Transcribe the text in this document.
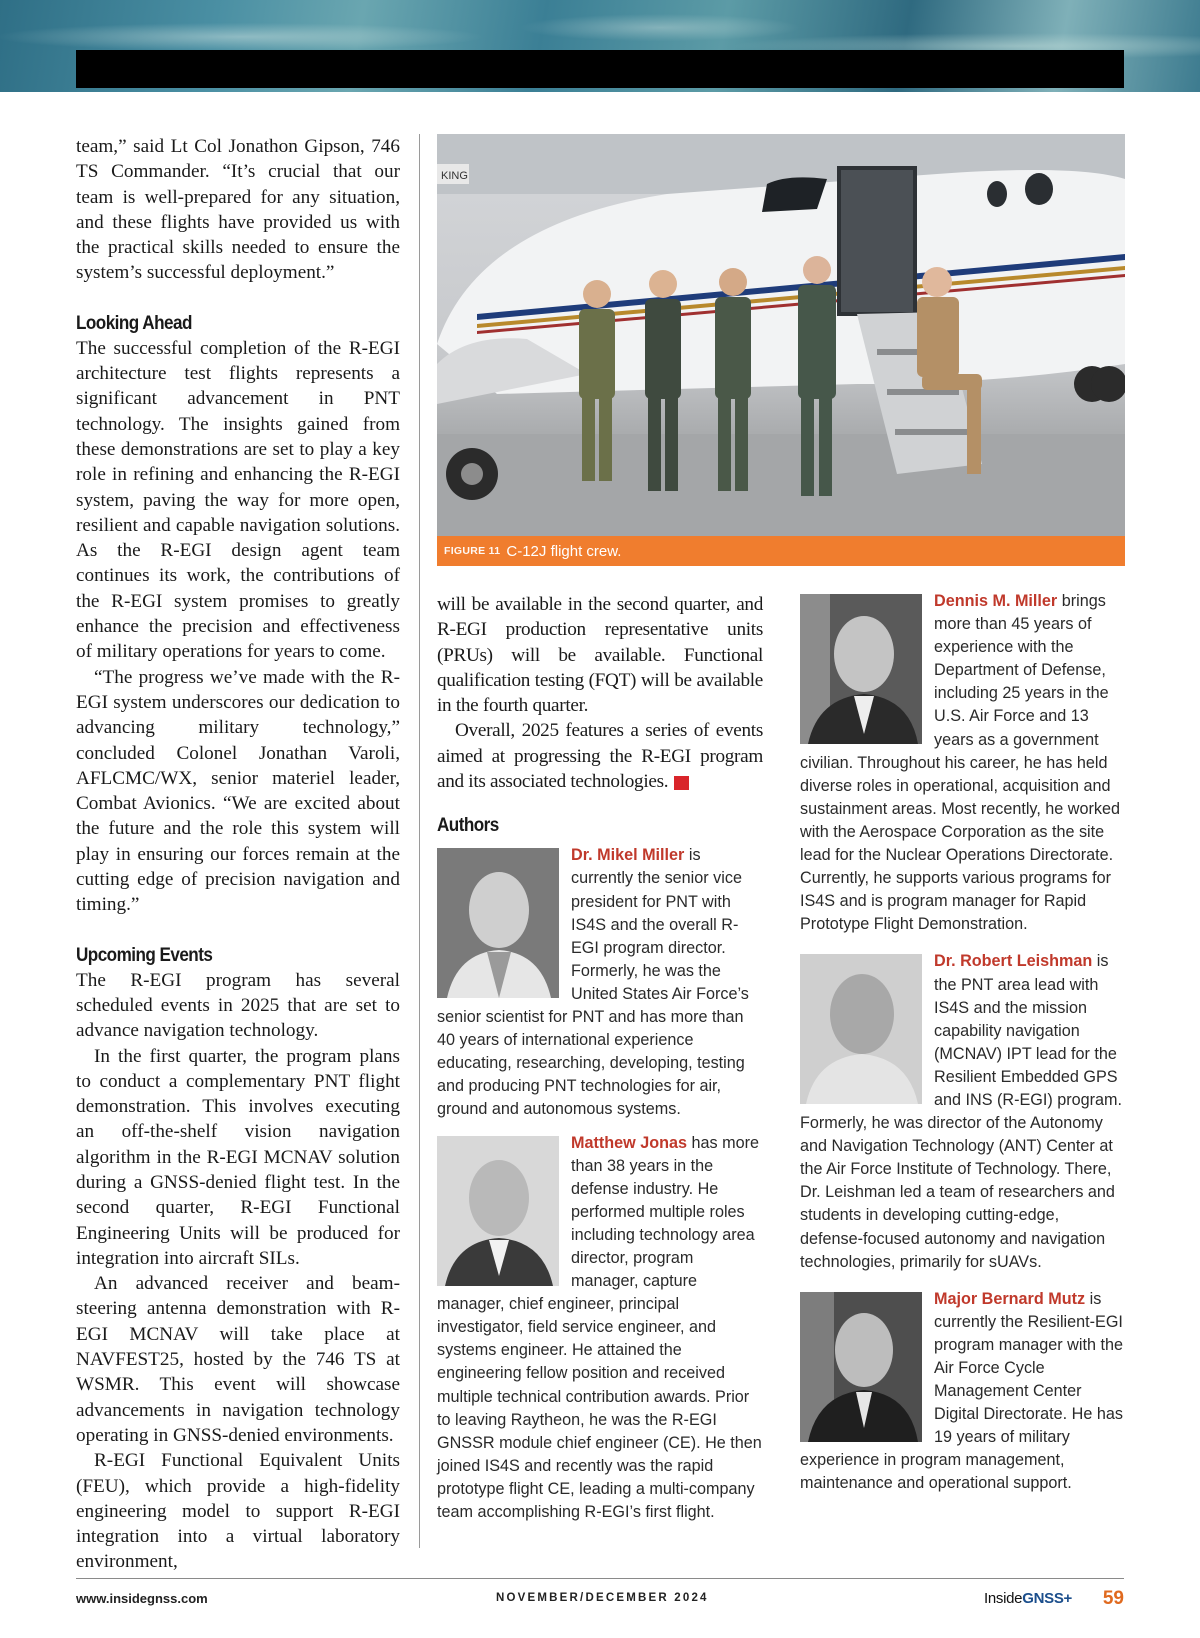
team,” said Lt Col Jonathon Gipson, 746 TS Commander. “It’s crucial that our team is well-prepared for any situation, and these flights have provided us with the practical skills needed to ensure the system’s successful deployment.”

Looking Ahead

The successful completion of the R-EGI architecture test flights represents a significant advancement in PNT technology. The insights gained from these demonstrations are set to play a key role in refining and enhancing the R-EGI system, paving the way for more open, resilient and capable navigation solutions. As the R-EGI design agent team continues its work, the contributions of the R-EGI system promises to greatly enhance the precision and effectiveness of military operations for years to come.

“The progress we’ve made with the R-EGI system underscores our dedication to advancing military technology,” concluded Colonel Jonathan Varoli, AFLCMC/WX, senior materiel leader, Combat Avionics. “We are excited about the future and the role this system will play in ensuring our forces remain at the cutting edge of precision navigation and timing.”

Upcoming Events

The R-EGI program has several scheduled events in 2025 that are set to advance navigation technology.

In the first quarter, the program plans to conduct a complementary PNT flight demonstration. This involves executing an off-the-shelf vision navigation algorithm in the R-EGI MCNAV solution during a GNSS-denied flight test. In the second quarter, R-EGI Functional Engineering Units will be produced for integration into aircraft SILs.

An advanced receiver and beam-steering antenna demonstration with R-EGI MCNAV will take place at NAVFEST25, hosted by the 746 TS at WSMR. This event will showcase advancements in navigation technology operating in GNSS-denied environments.

R-EGI Functional Equivalent Units (FEU), which provide a high-fidelity engineering model to support R-EGI integration into a virtual laboratory environment,

KING
FIGURE 11 C-12J flight crew.

will be available in the second quarter, and R-EGI production representative units (PRUs) will be available. Functional qualification testing (FQT) will be available in the fourth quarter.

Overall, 2025 features a series of events aimed at progressing the R-EGI program and its associated technologies.	IG

Authors
Dr. Mikel Miller is currently the senior vice president for PNT with IS4S and the overall R-EGI program director. Formerly, he was the United States Air Force’s senior scientist for PNT and has more than 40 years of international experience educating, researching, developing, testing and producing PNT technologies for air, ground and autonomous systems.
Matthew Jonas has more than 38 years in the defense industry. He performed multiple roles including technology area director, program manager, capture manager, chief engineer, principal investigator, field service engineer, and systems engineer. He attained the engineering fellow position and received multiple technical contribution awards. Prior to leaving Raytheon, he was the R-EGI GNSSR module chief engineer (CE). He then joined IS4S and recently was the rapid prototype flight CE, leading a multi-company team accomplishing R-EGI’s first flight.
Dennis M. Miller brings more than 45 years of experience with the Department of Defense, including 25 years in the U.S. Air Force and 13 years as a government civilian. Throughout his career, he has held diverse roles in operational, acquisition and sustainment areas. Most recently, he worked with the Aerospace Corporation as the site lead for the Nuclear Operations Directorate. Currently, he supports various programs for IS4S and is program manager for Rapid Prototype Flight Demonstration.
Dr. Robert Leishman is the PNT area lead with IS4S and the mission capability navigation (MCNAV) IPT lead for the Resilient Embedded GPS and INS (R-EGI) program. Formerly, he was director of the Autonomy and Navigation Technology (ANT) Center at the Air Force Institute of Technology. There, Dr. Leishman led a team of researchers and students in developing cutting-edge, defense-focused autonomy and navigation technologies, primarily for sUAVs.
Major Bernard Mutz is currently the Resilient-EGI program manager with the Air Force Cycle Management Center Digital Directorate. He has 19 years of military experience in program management, maintenance and operational support.
www.insidegnss.com	NOVEMBER/DECEMBER 2024	InsideGNSS+ 59
